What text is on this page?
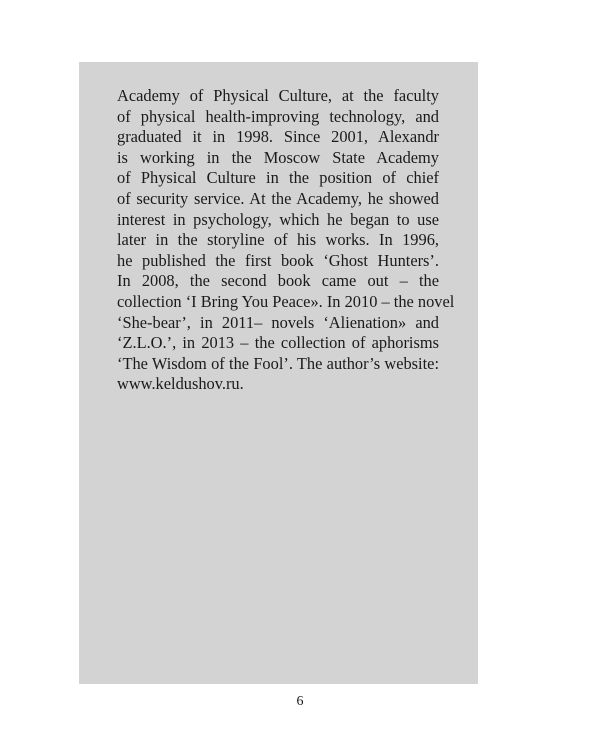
Academy of Physical Culture, at the faculty
of physical health-improving technology, and
graduated it in 1998. Since 2001, Alexandr
is working in the Moscow State Academy
of Physical Culture in the position of chief
of security service. At the Academy, he showed
interest in psychology, which he began to use
later in the storyline of his works. In 1996,
he published the first book ‘Ghost Hunters’.
In 2008, the second book came out – the
collection ‘I Bring You Peace». In 2010 – the novel
‘She-bear’, in 2011– novels ‘Alienation» and
‘Z.L.O.’, in 2013 – the collection of aphorisms
‘The Wisdom of the Fool’. The author’s website:
www.keldushov.ru.
6
